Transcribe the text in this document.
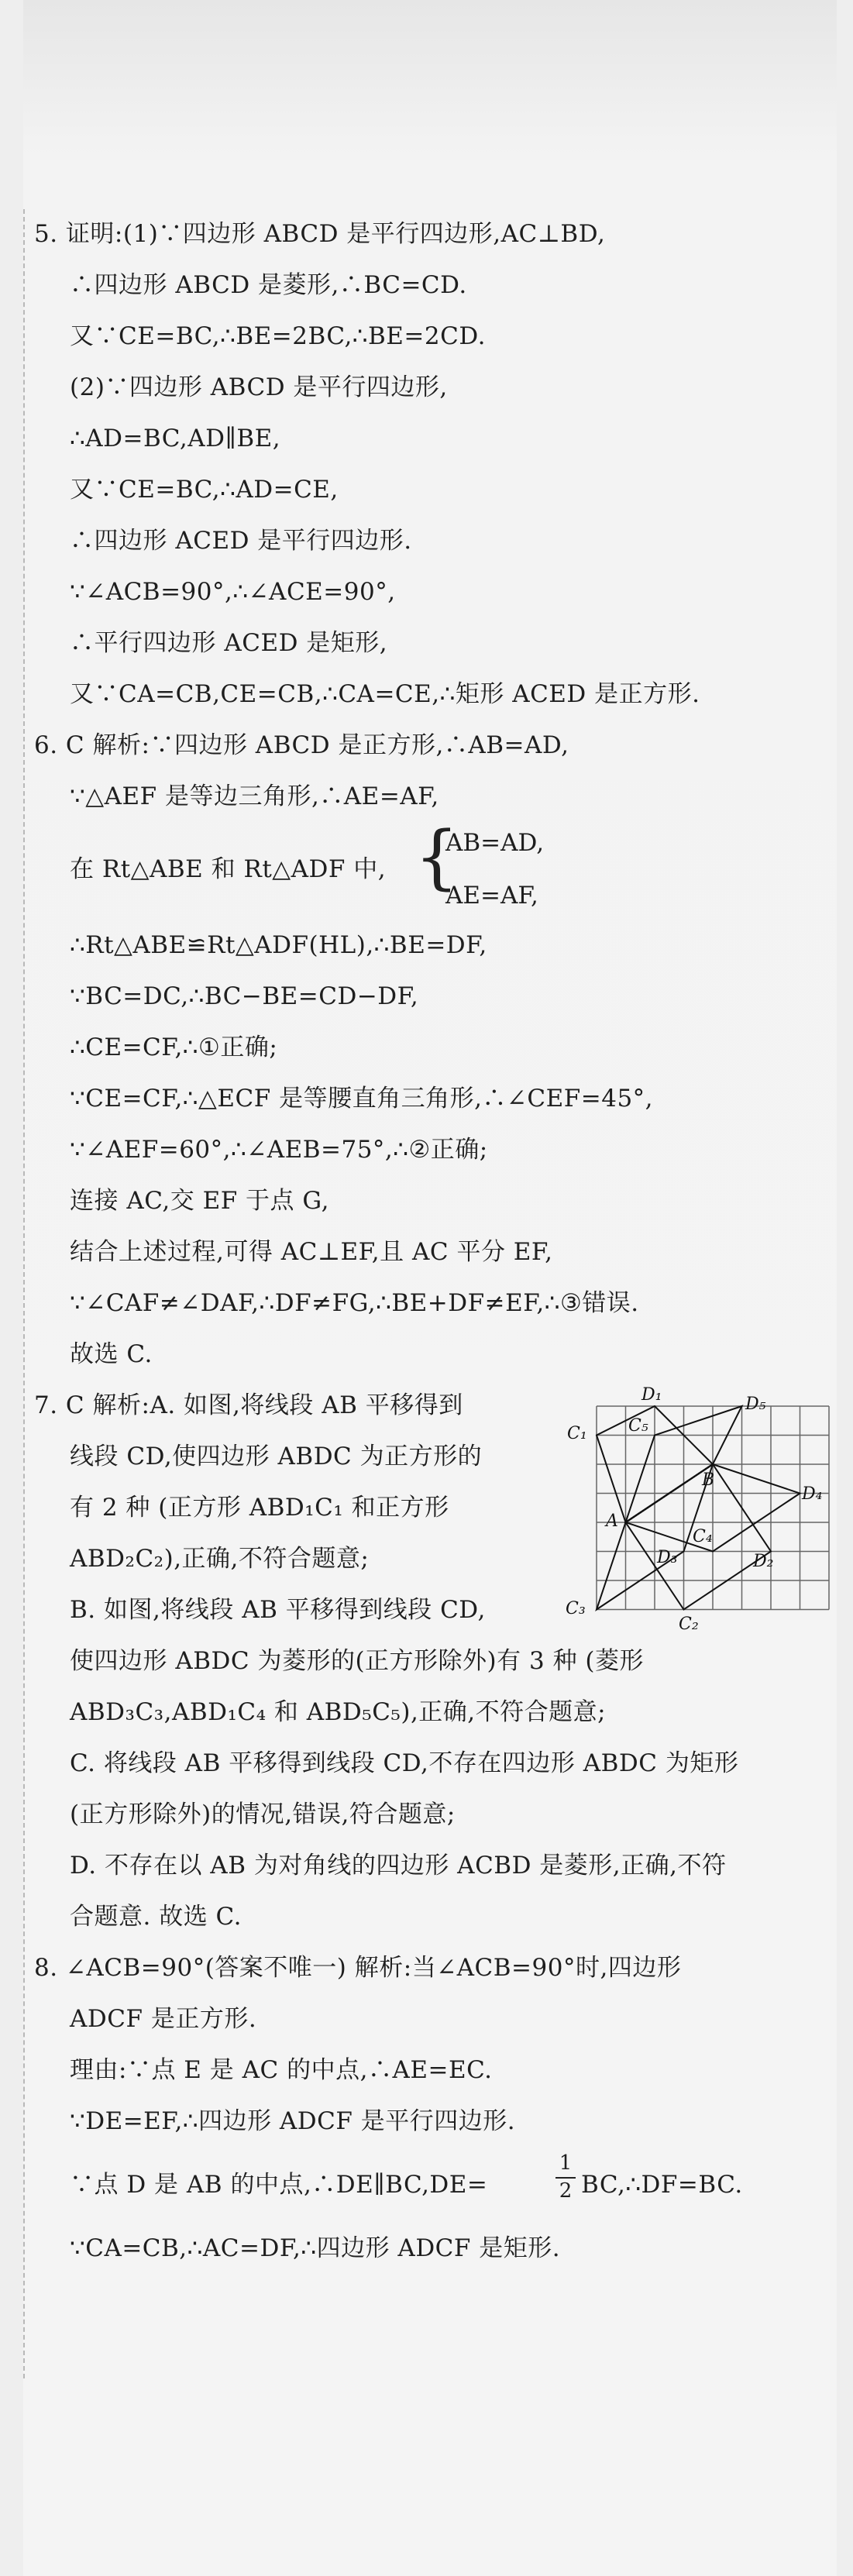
5. 证明:(1)∵四边形 ABCD 是平行四边形,AC⊥BD,
∴四边形 ABCD 是菱形,∴BC=CD.
又∵CE=BC,∴BE=2BC,∴BE=2CD.
(2)∵四边形 ABCD 是平行四边形,
∴AD=BC,AD∥BE,
又∵CE=BC,∴AD=CE,
∴四边形 ACED 是平行四边形.
∵∠ACB=90°,∴∠ACE=90°,
∴平行四边形 ACED 是矩形,
又∵CA=CB,CE=CB,∴CA=CE,∴矩形 ACED 是正方形.
6. C 解析:∵四边形 ABCD 是正方形,∴AB=AD,
∵△AEF 是等边三角形,∴AE=AF,
在 Rt△ABE 和 Rt△ADF 中, {
AB=AD,
AE=AF,
∴Rt△ABE≌Rt△ADF(HL),∴BE=DF,
∵BC=DC,∴BC−BE=CD−DF,
∴CE=CF,∴①正确;
∵CE=CF,∴△ECF 是等腰直角三角形,∴∠CEF=45°,
∵∠AEF=60°,∴∠AEB=75°,∴②正确;
连接 AC,交 EF 于点 G,
结合上述过程,可得 AC⊥EF,且 AC 平分 EF,
∵∠CAF≠∠DAF,∴DF≠FG,∴BE+DF≠EF,∴③错误.
故选 C.
7. C 解析:A. 如图,将线段 AB 平移得到
线段 CD,使四边形 ABDC 为正方形的
有 2 种 (正方形 ABD₁C₁ 和正方形
ABD₂C₂),正确,不符合题意;
B. 如图,将线段 AB 平移得到线段 CD,
使四边形 ABDC 为菱形的(正方形除外)有 3 种 (菱形
ABD₃C₃,ABD₁C₄ 和 ABD₅C₅),正确,不符合题意;
C. 将线段 AB 平移得到线段 CD,不存在四边形 ABDC 为矩形
(正方形除外)的情况,错误,符合题意;
D. 不存在以 AB 为对角线的四边形 ACBD 是菱形,正确,不符
合题意. 故选 C.
D₁	D₅
C₅
C₁
B
D₄
A
C₄
D₃	D₂
C₃
C₂
8. ∠ACB=90°(答案不唯一) 解析:当∠ACB=90°时,四边形
ADCF 是正方形.
理由:∵点 E 是 AC 的中点,∴AE=EC.
∵DE=EF,∴四边形 ADCF 是平行四边形.
∵点 D 是 AB 的中点,∴DE∥BC,DE=
1
2 BC,∴DF=BC.
∵CA=CB,∴AC=DF,∴四边形 ADCF 是矩形.
